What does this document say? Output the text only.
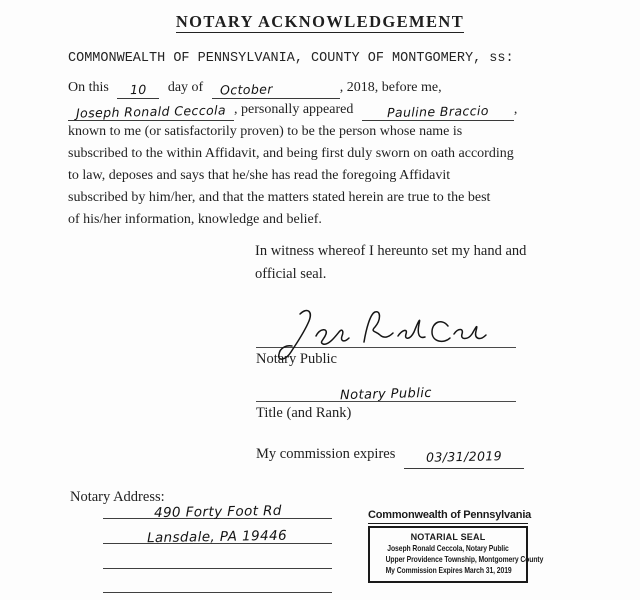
NOTARY ACKNOWLEDGEMENT
COMMONWEALTH OF PENNSYLVANIA, COUNTY OF MONTGOMERY, ss:
On this 10 day of October	, 2018, before me,
Joseph Ronald Ceccola , personally appeared	Pauline Braccio ,
known to me (or satisfactorily proven) to be the person whose name is
subscribed to the within Affidavit, and being first duly sworn on oath according
to law, deposes and says that he/she has read the foregoing Affidavit
subscribed by him/her, and that the matters stated herein are true to the best
of his/her information, knowledge and belief.
In witness whereof I hereunto set my hand and
official seal.
Notary Public
Notary Public
Title (and Rank)
My commission expires 03/31/2019
Notary Address:
490 Forty Foot Rd
Lansdale, PA 19446
Commonwealth of Pennsylvania
NOTARIAL SEAL
Joseph Ronald Ceccola, Notary Public
Upper Providence Township, Montgomery County
My Commission Expires March 31, 2019
